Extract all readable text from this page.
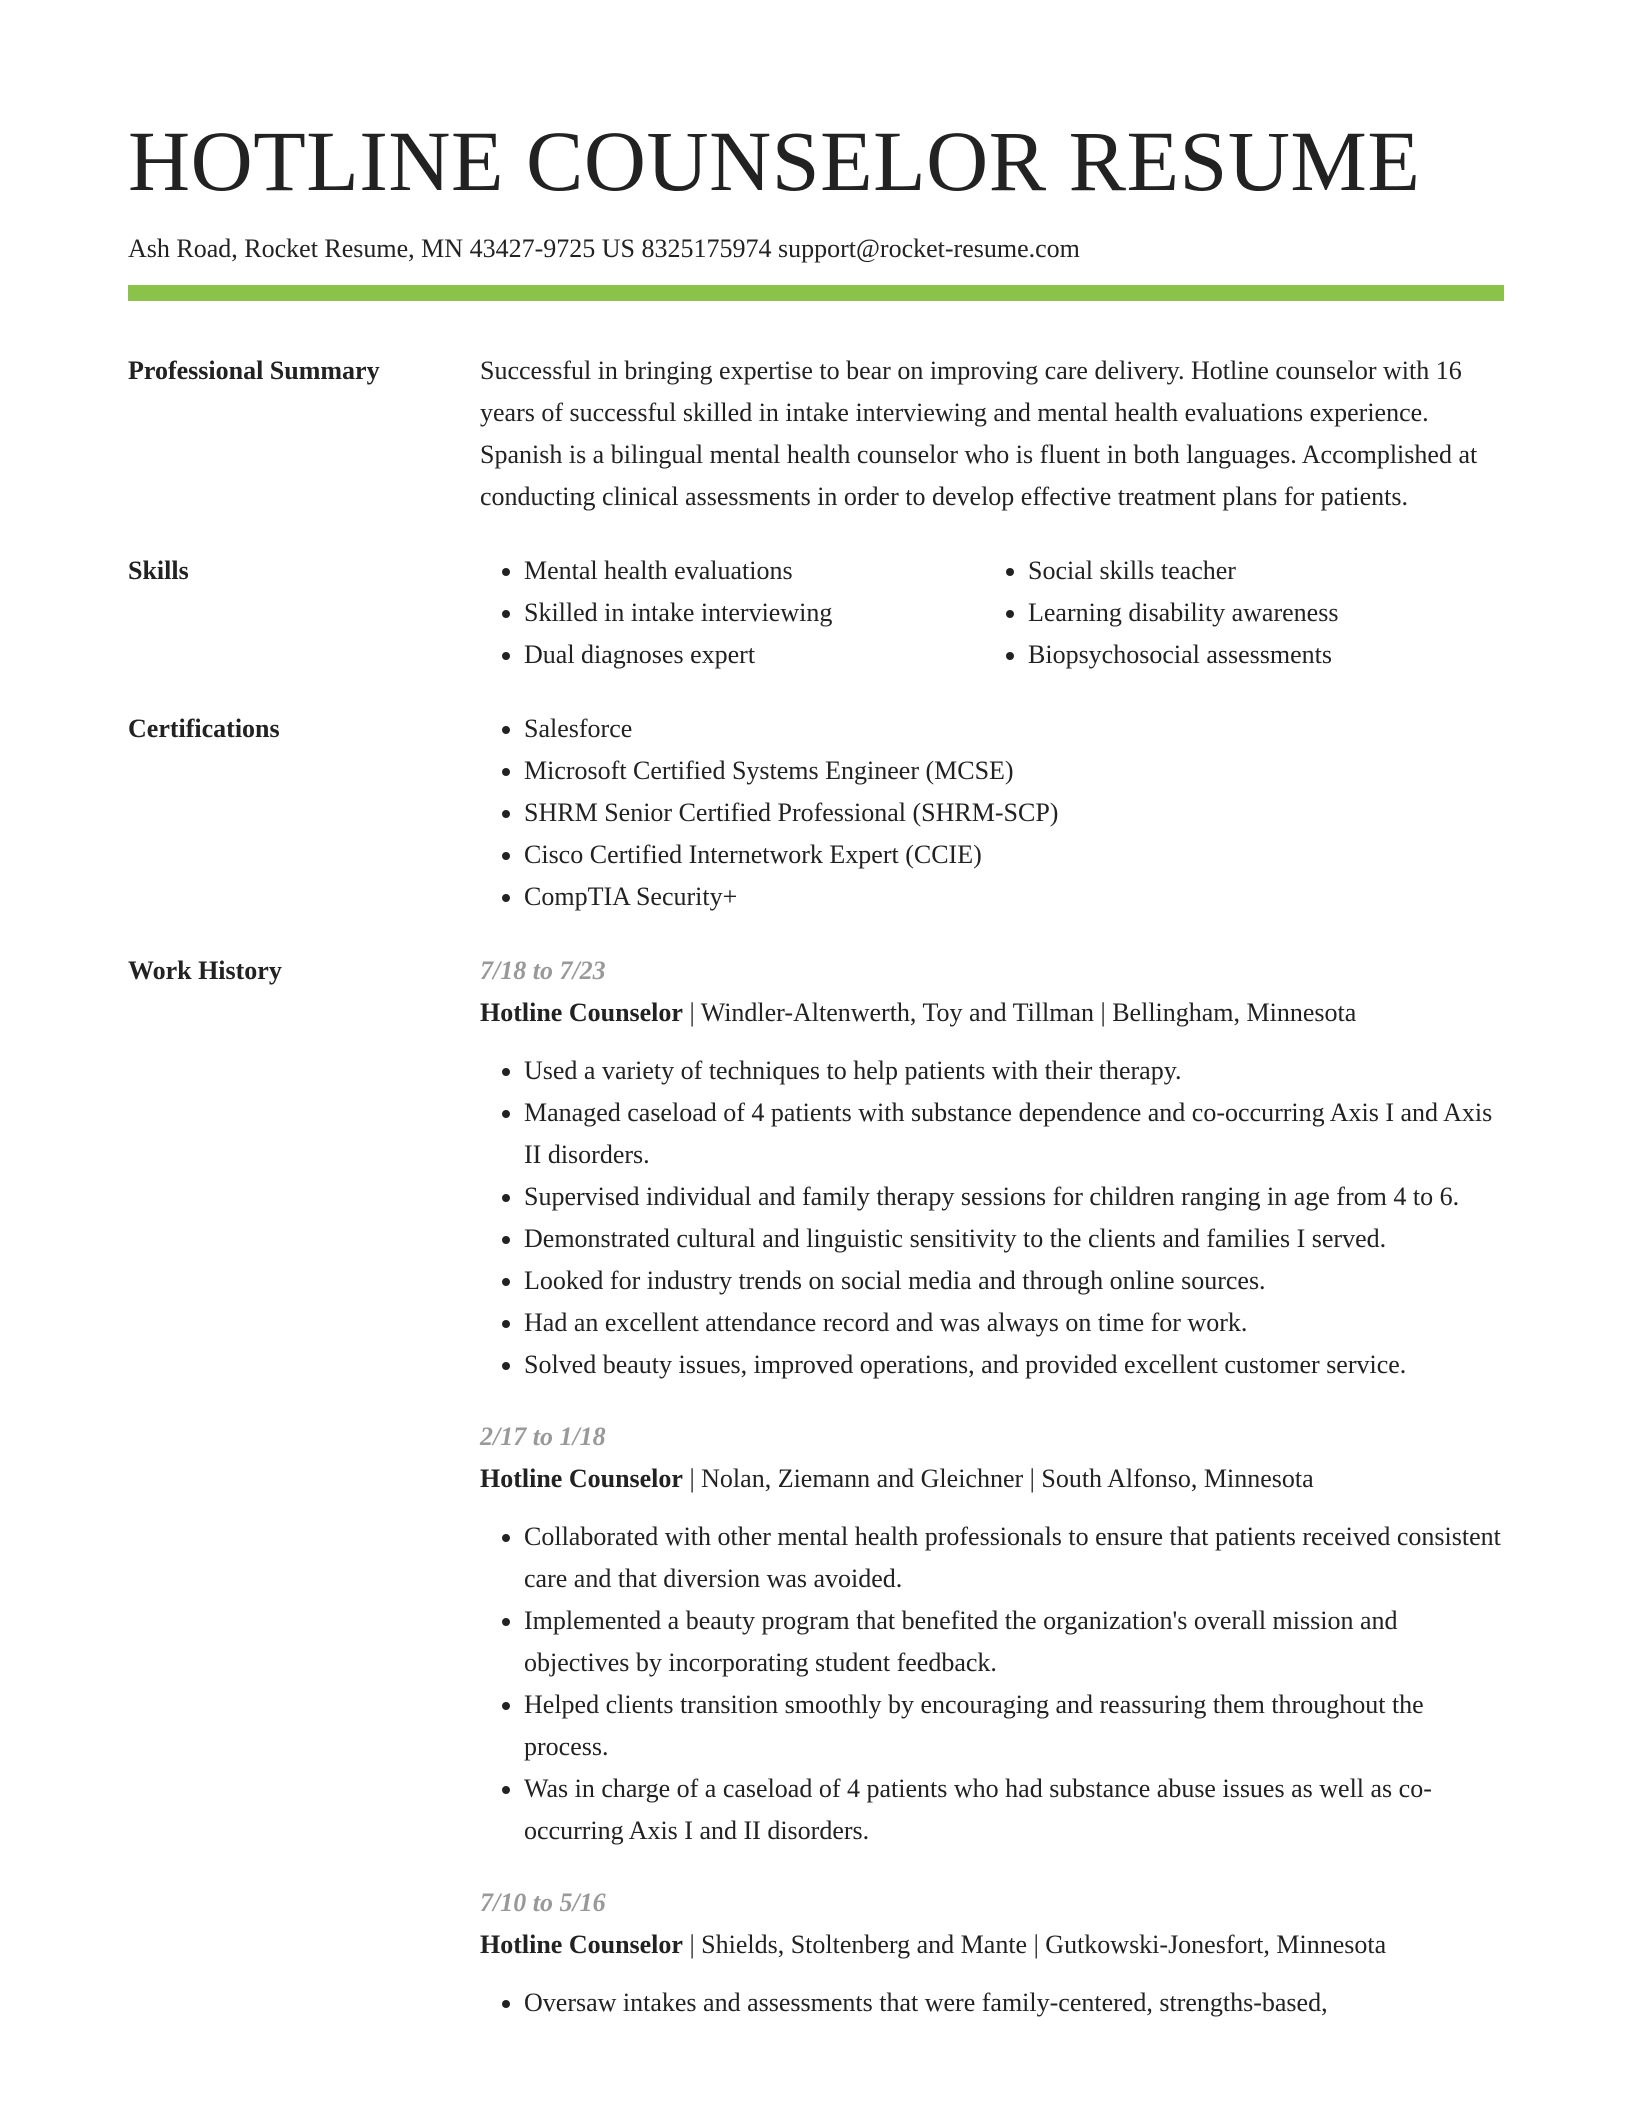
HOTLINE COUNSELOR RESUME
Ash Road, Rocket Resume, MN 43427-9725 US 8325175974 support@rocket-resume.com
Professional Summary	Successful in bringing expertise to bear on improving care delivery. Hotline counselor with 16 years of successful skilled in intake interviewing and mental health evaluations experience. Spanish is a bilingual mental health counselor who is fluent in both languages. Accomplished at conducting clinical assessments in order to develop effective treatment plans for patients.

Skills	• Mental health evaluations
• Skilled in intake interviewing
• Dual diagnoses expert
• Social skills teacher
• Learning disability awareness
• Biopsychosocial assessments
Certifications	• Salesforce
• Microsoft Certified Systems Engineer (MCSE)
• SHRM Senior Certified Professional (SHRM-SCP)
• Cisco Certified Internetwork Expert (CCIE)
• CompTIA Security+
Work History	7/18 to 7/23
Hotline Counselor | Windler-Altenwerth, Toy and Tillman | Bellingham, Minnesota
• Used a variety of techniques to help patients with their therapy.
• Managed caseload of 4 patients with substance dependence and co-occurring Axis I and Axis II disorders.
• Supervised individual and family therapy sessions for children ranging in age from 4 to 6.
• Demonstrated cultural and linguistic sensitivity to the clients and families I served.
• Looked for industry trends on social media and through online sources.
• Had an excellent attendance record and was always on time for work.
• Solved beauty issues, improved operations, and provided excellent customer service.
2/17 to 1/18
Hotline Counselor | Nolan, Ziemann and Gleichner | South Alfonso, Minnesota
• Collaborated with other mental health professionals to ensure that patients received consistent care and that diversion was avoided.
• Implemented a beauty program that benefited the organization's overall mission and objectives by incorporating student feedback.
• Helped clients transition smoothly by encouraging and reassuring them throughout the process.
• Was in charge of a caseload of 4 patients who had substance abuse issues as well as co-occurring Axis I and II disorders.
7/10 to 5/16
Hotline Counselor | Shields, Stoltenberg and Mante | Gutkowski-Jonesfort, Minnesota
• Oversaw intakes and assessments that were family-centered, strengths-based,
